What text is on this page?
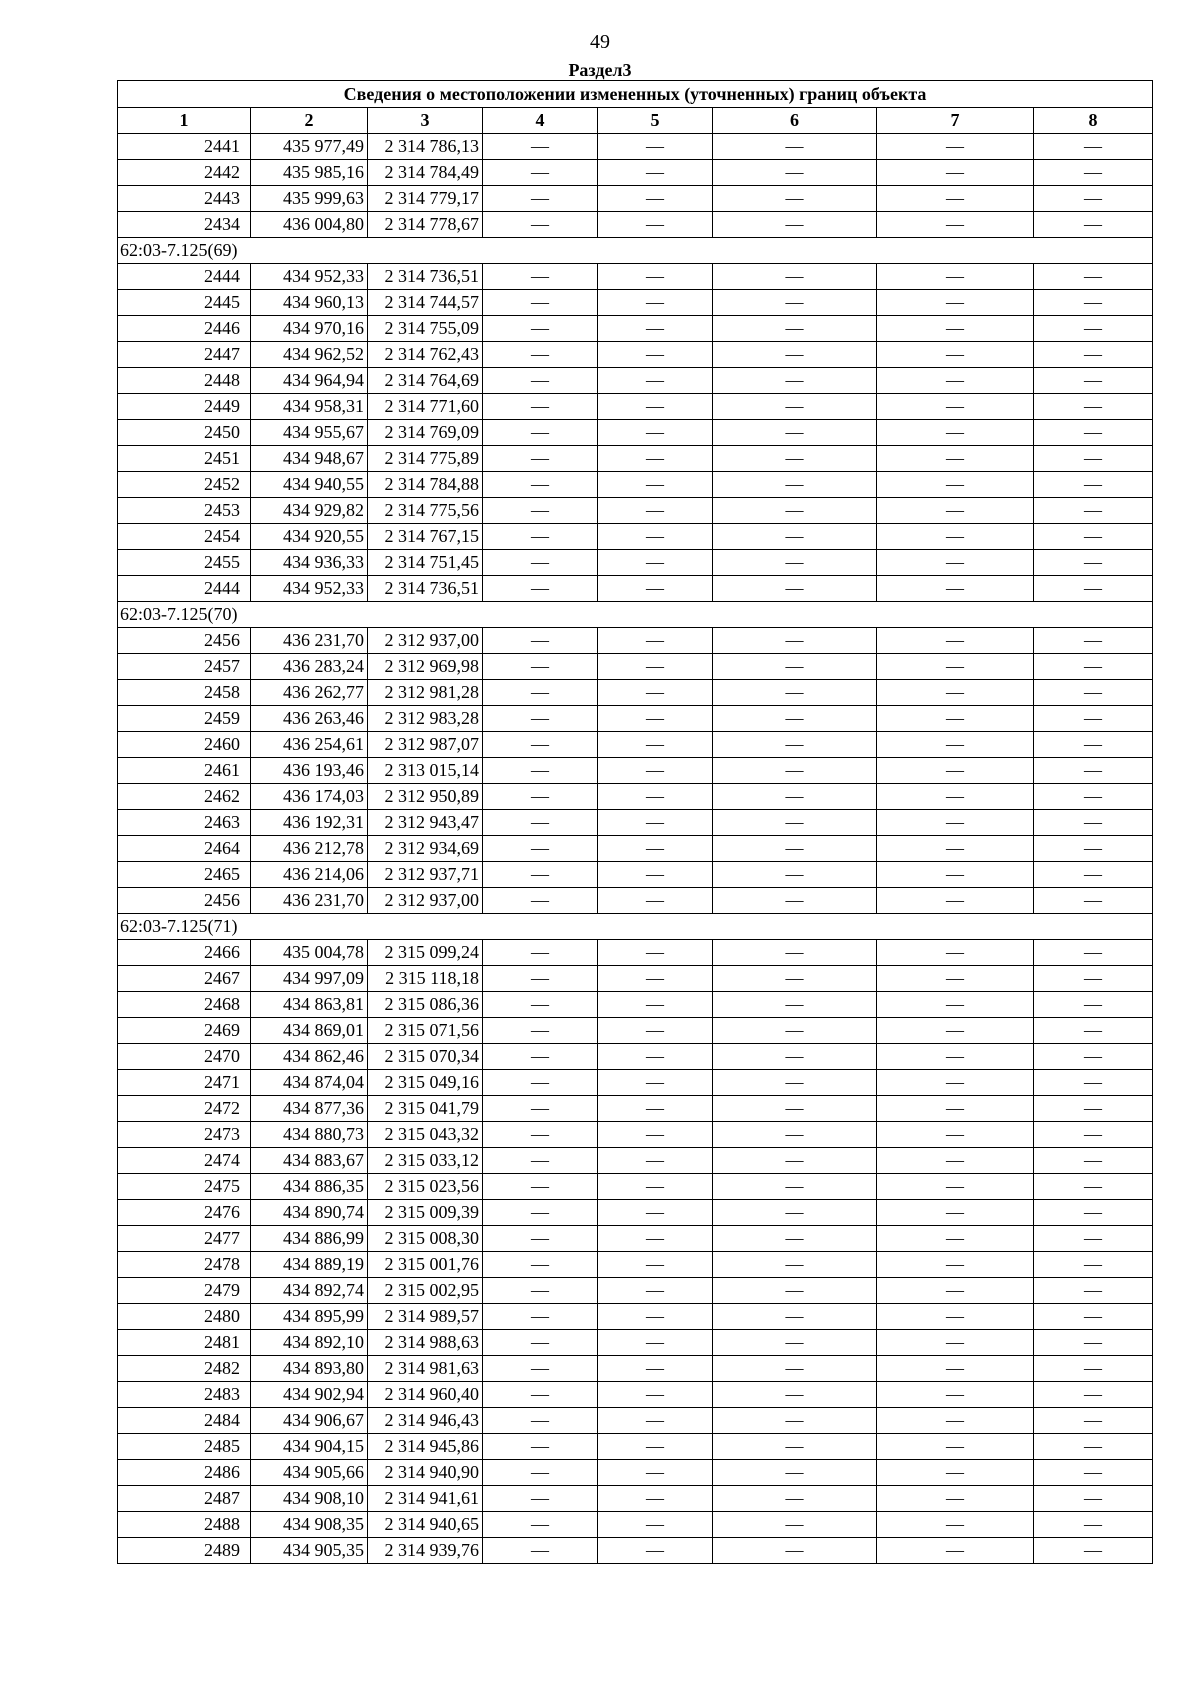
49
Раздел3
Сведения о местоположении измененных (уточненных) границ объекта							
1	2	3	4	5	6	7	8
2441	435 977,49	2 314 786,13	—	—	—	—	—
2442	435 985,16	2 314 784,49	—	—	—	—	—
2443	435 999,63	2 314 779,17	—	—	—	—	—
2434	436 004,80	2 314 778,67	—	—	—	—	—
62:03-7.125(69)							
2444	434 952,33	2 314 736,51	—	—	—	—	—
2445	434 960,13	2 314 744,57	—	—	—	—	—
2446	434 970,16	2 314 755,09	—	—	—	—	—
2447	434 962,52	2 314 762,43	—	—	—	—	—
2448	434 964,94	2 314 764,69	—	—	—	—	—
2449	434 958,31	2 314 771,60	—	—	—	—	—
2450	434 955,67	2 314 769,09	—	—	—	—	—
2451	434 948,67	2 314 775,89	—	—	—	—	—
2452	434 940,55	2 314 784,88	—	—	—	—	—
2453	434 929,82	2 314 775,56	—	—	—	—	—
2454	434 920,55	2 314 767,15	—	—	—	—	—
2455	434 936,33	2 314 751,45	—	—	—	—	—
2444	434 952,33	2 314 736,51	—	—	—	—	—
62:03-7.125(70)							
2456	436 231,70	2 312 937,00	—	—	—	—	—
2457	436 283,24	2 312 969,98	—	—	—	—	—
2458	436 262,77	2 312 981,28	—	—	—	—	—
2459	436 263,46	2 312 983,28	—	—	—	—	—
2460	436 254,61	2 312 987,07	—	—	—	—	—
2461	436 193,46	2 313 015,14	—	—	—	—	—
2462	436 174,03	2 312 950,89	—	—	—	—	—
2463	436 192,31	2 312 943,47	—	—	—	—	—
2464	436 212,78	2 312 934,69	—	—	—	—	—
2465	436 214,06	2 312 937,71	—	—	—	—	—
2456	436 231,70	2 312 937,00	—	—	—	—	—
62:03-7.125(71)							
2466	435 004,78	2 315 099,24	—	—	—	—	—
2467	434 997,09	2 315 118,18	—	—	—	—	—
2468	434 863,81	2 315 086,36	—	—	—	—	—
2469	434 869,01	2 315 071,56	—	—	—	—	—
2470	434 862,46	2 315 070,34	—	—	—	—	—
2471	434 874,04	2 315 049,16	—	—	—	—	—
2472	434 877,36	2 315 041,79	—	—	—	—	—
2473	434 880,73	2 315 043,32	—	—	—	—	—
2474	434 883,67	2 315 033,12	—	—	—	—	—
2475	434 886,35	2 315 023,56	—	—	—	—	—
2476	434 890,74	2 315 009,39	—	—	—	—	—
2477	434 886,99	2 315 008,30	—	—	—	—	—
2478	434 889,19	2 315 001,76	—	—	—	—	—
2479	434 892,74	2 315 002,95	—	—	—	—	—
2480	434 895,99	2 314 989,57	—	—	—	—	—
2481	434 892,10	2 314 988,63	—	—	—	—	—
2482	434 893,80	2 314 981,63	—	—	—	—	—
2483	434 902,94	2 314 960,40	—	—	—	—	—
2484	434 906,67	2 314 946,43	—	—	—	—	—
2485	434 904,15	2 314 945,86	—	—	—	—	—
2486	434 905,66	2 314 940,90	—	—	—	—	—
2487	434 908,10	2 314 941,61	—	—	—	—	—
2488	434 908,35	2 314 940,65	—	—	—	—	—
2489	434 905,35	2 314 939,76	—	—	—	—	—
